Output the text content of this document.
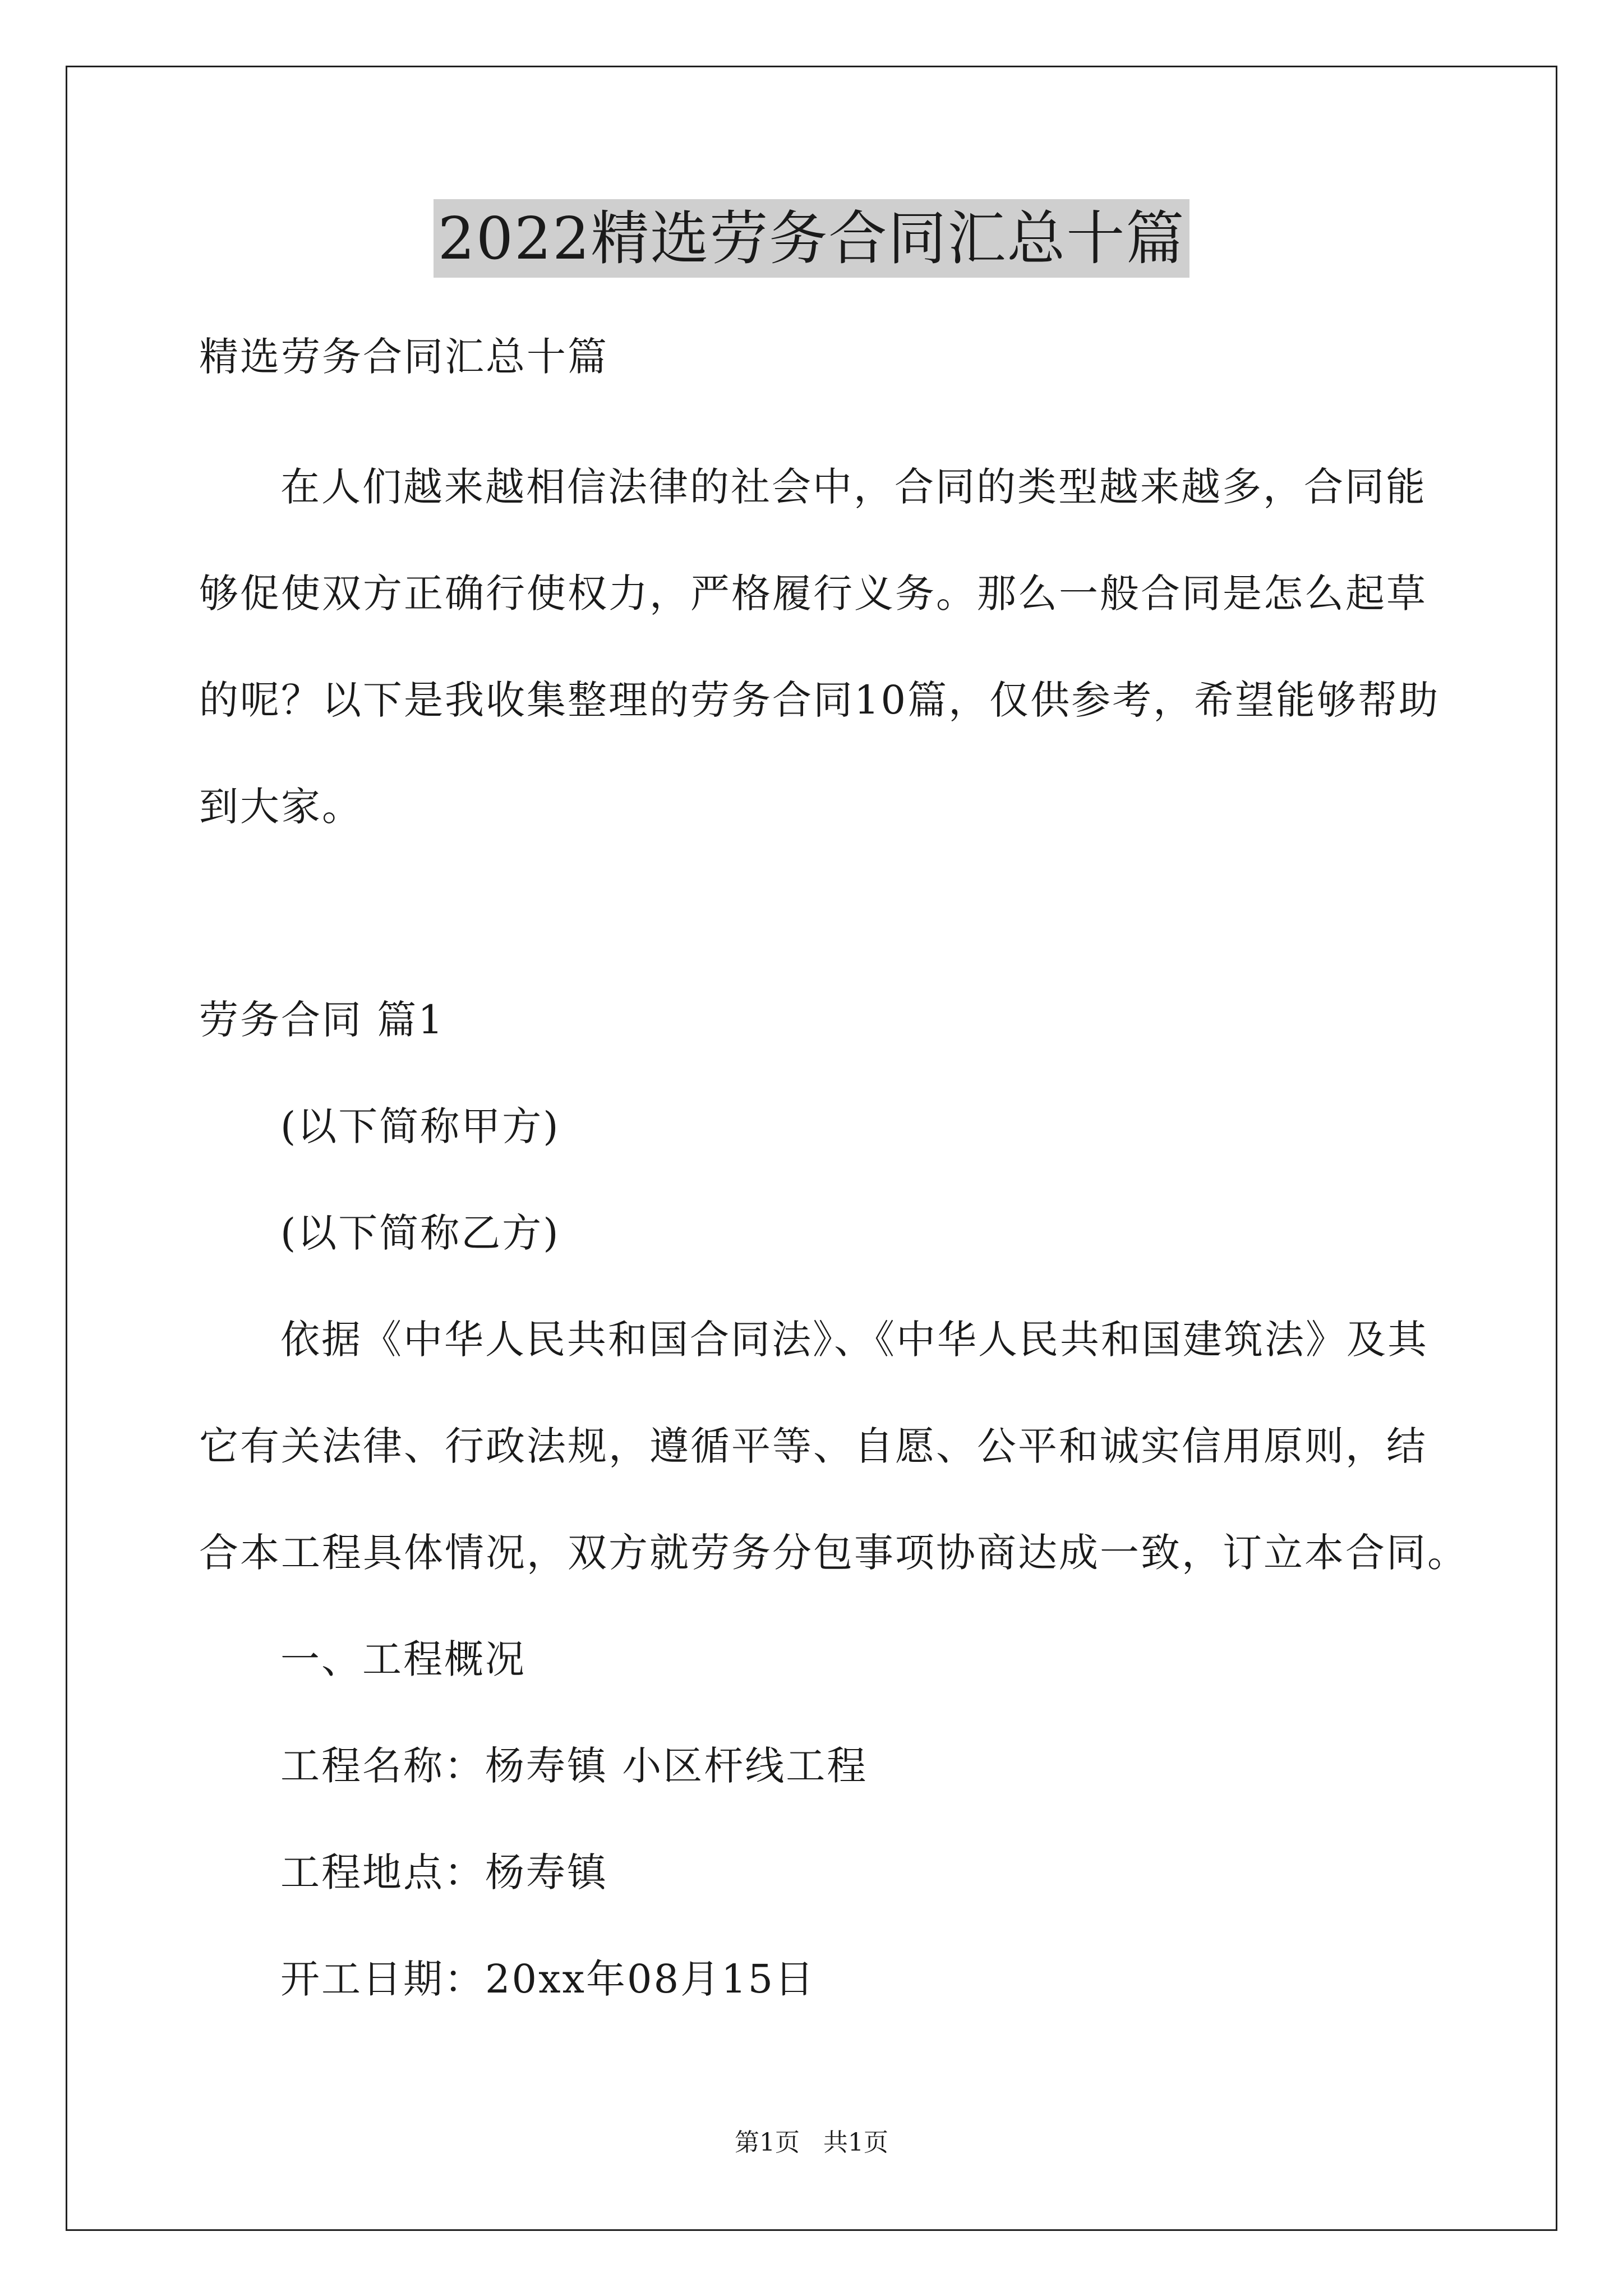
2022精选劳务合同汇总十篇
精选劳务合同汇总十篇
在人们越来越相信法律的社会中，合同的类型越来越多，合同能
够促使双方正确行使权力，严格履行义务。那么一般合同是怎么起草
的呢？以下是我收集整理的劳务合同10篇，仅供参考，希望能够帮助
到大家。
劳务合同 篇1
(以下简称甲方)
(以下简称乙方)
依据《中华人民共和国合同法》、《中华人民共和国建筑法》及其
它有关法律、行政法规，遵循平等、自愿、公平和诚实信用原则，结
合本工程具体情况，双方就劳务分包事项协商达成一致，订立本合同。
一、工程概况
工程名称：杨寿镇 小区杆线工程
工程地点：杨寿镇
开工日期：20xx年08月15日
第1页 共1页
